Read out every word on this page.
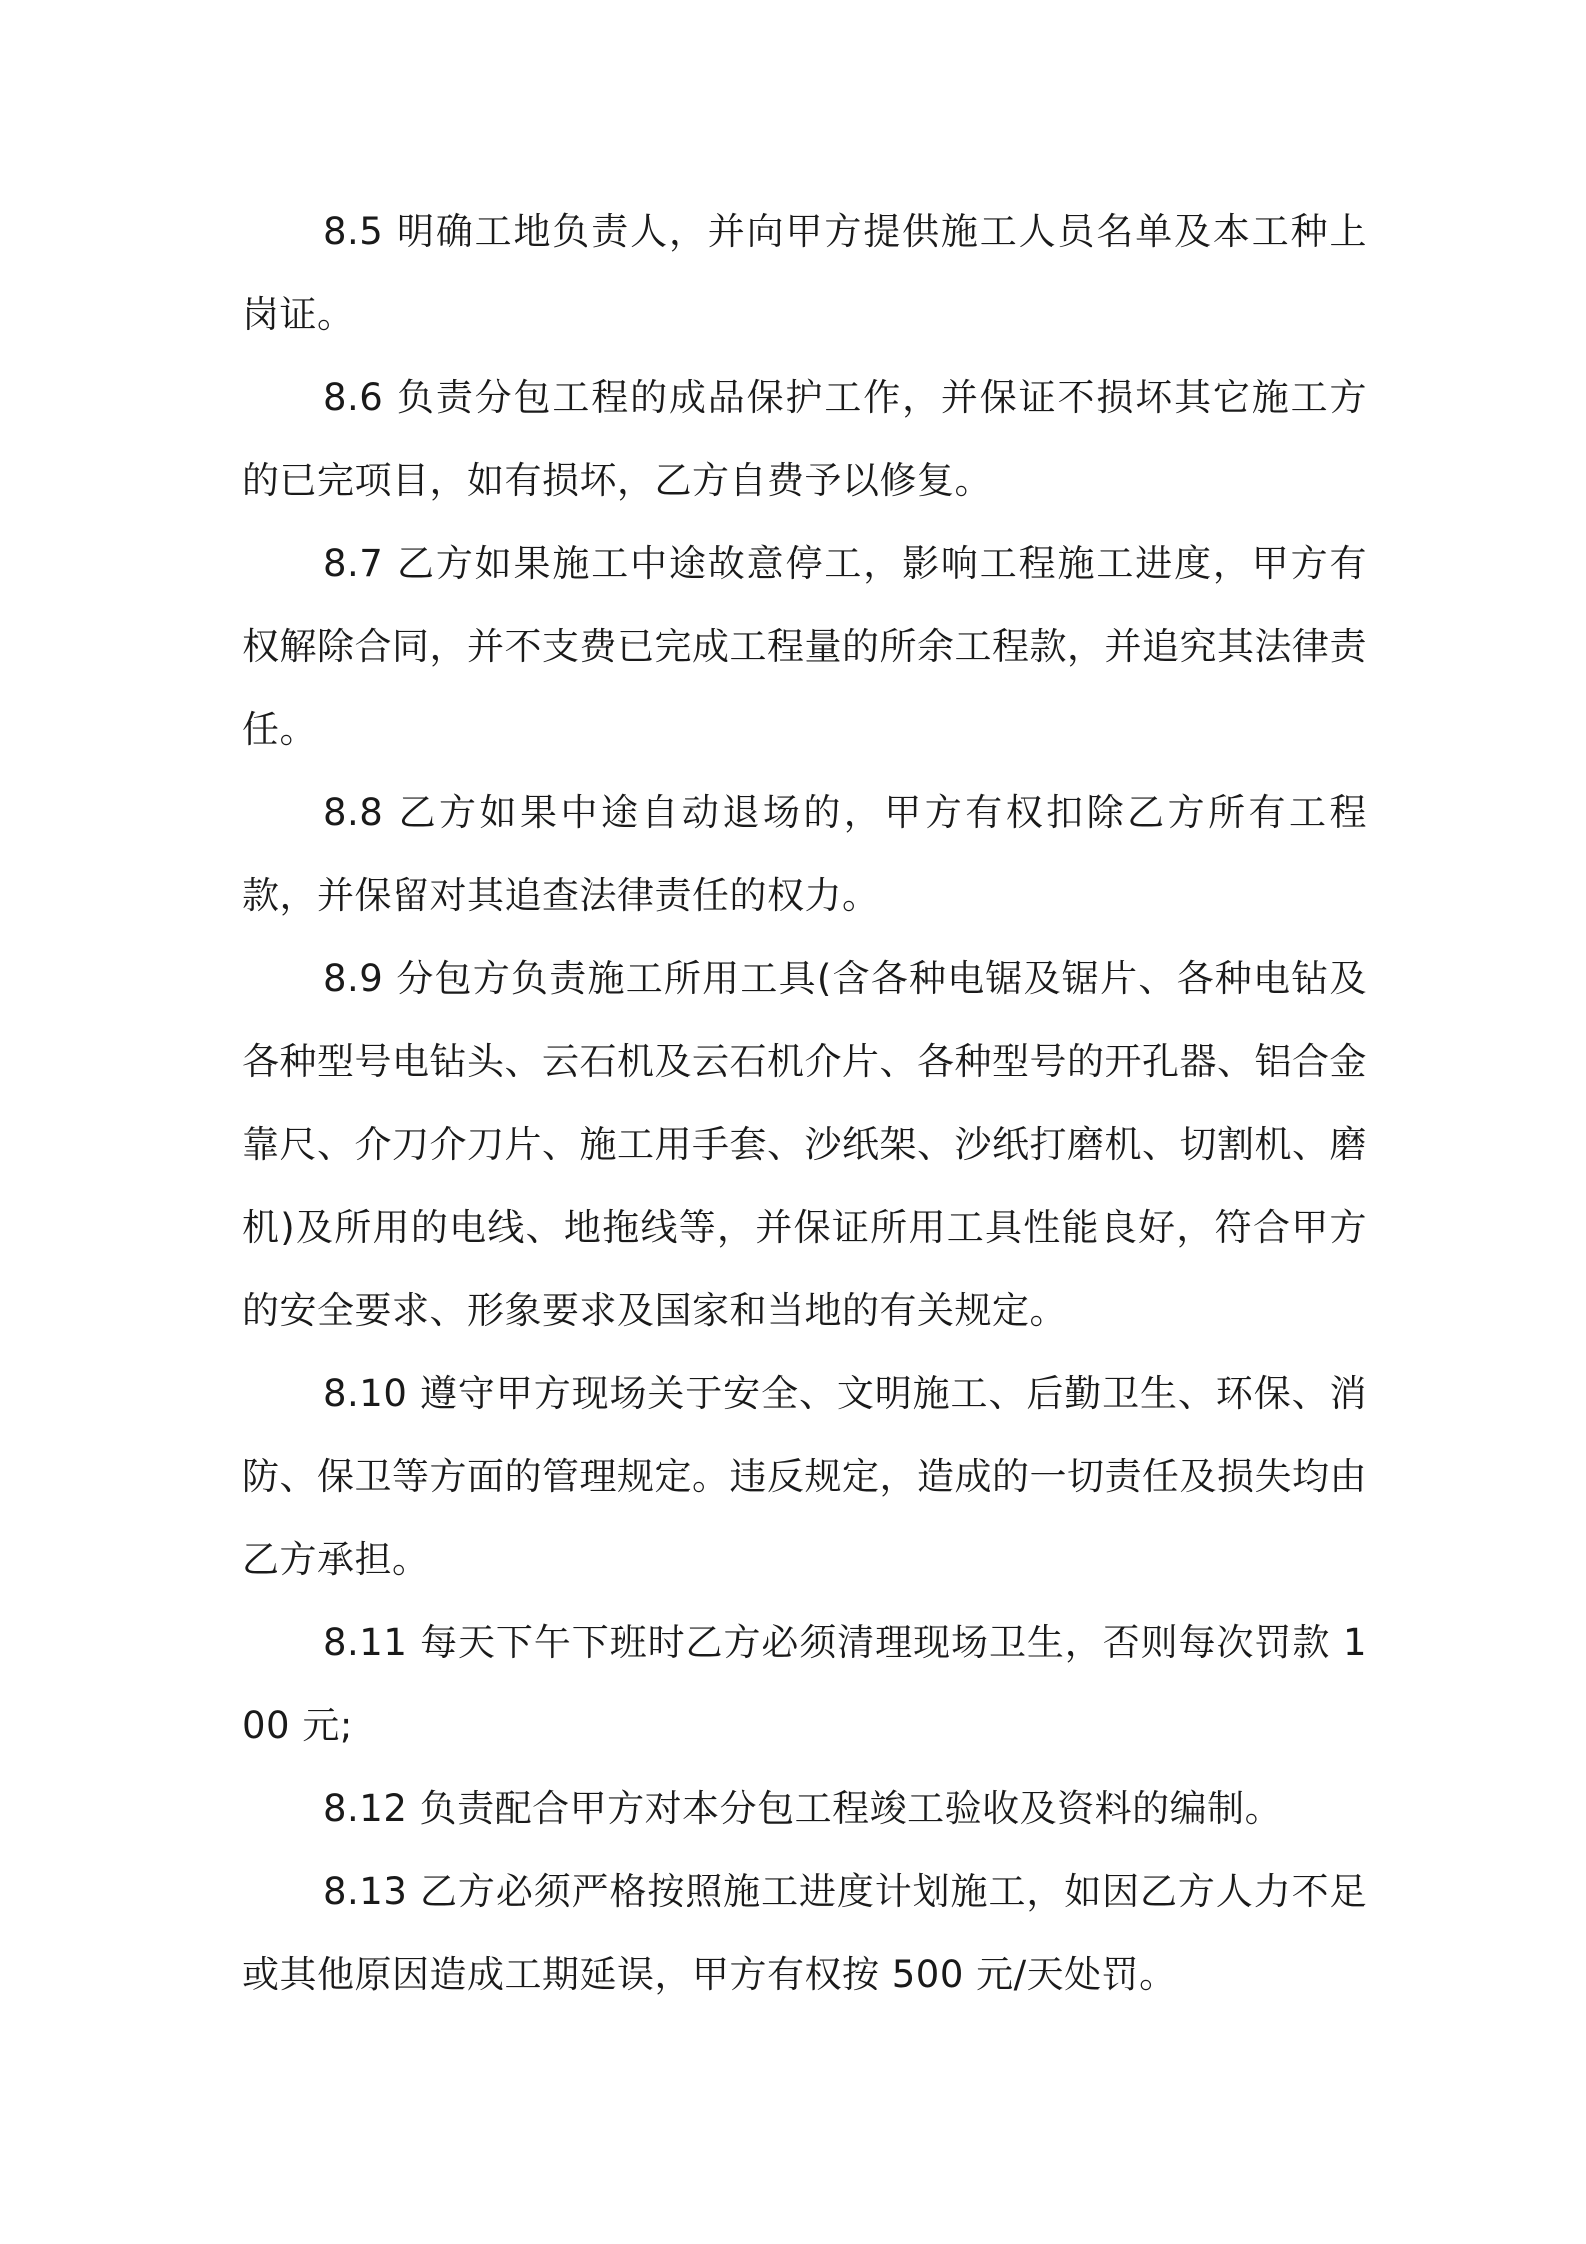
8.5 明确工地负责人，并向甲方提供施工人员名单及本工种上岗证。

8.6 负责分包工程的成品保护工作，并保证不损坏其它施工方的已完项目，如有损坏，乙方自费予以修复。

8.7 乙方如果施工中途故意停工，影响工程施工进度，甲方有权解除合同，并不支费已完成工程量的所余工程款，并追究其法律责任。

8.8 乙方如果中途自动退场的，甲方有权扣除乙方所有工程款，并保留对其追查法律责任的权力。

8.9 分包方负责施工所用工具(含各种电锯及锯片、各种电钻及各种型号电钻头、云石机及云石机介片、各种型号的开孔器、铝合金靠尺、介刀介刀片、施工用手套、沙纸架、沙纸打磨机、切割机、磨机)及所用的电线、地拖线等，并保证所用工具性能良好，符合甲方的安全要求、形象要求及国家和当地的有关规定。

8.10 遵守甲方现场关于安全、文明施工、后勤卫生、环保、消防、保卫等方面的管理规定。违反规定，造成的一切责任及损失均由乙方承担。

8.11 每天下午下班时乙方必须清理现场卫生，否则每次罚款 100 元;

8.12 负责配合甲方对本分包工程竣工验收及资料的编制。

8.13 乙方必须严格按照施工进度计划施工，如因乙方人力不足或其他原因造成工期延误，甲方有权按 500 元/天处罚。
